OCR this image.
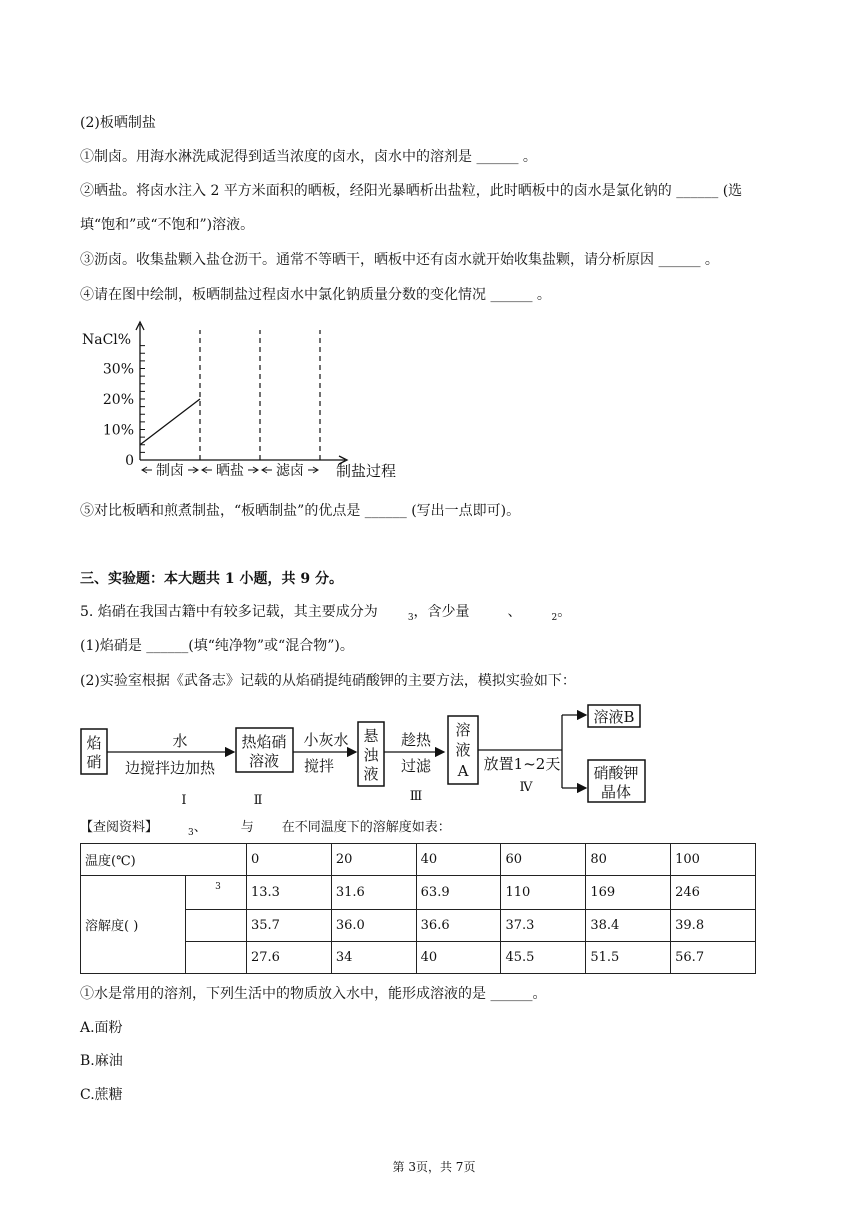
(2)板晒制盐
①制卤。用海水淋洗咸泥得到适当浓度的卤水，卤水中的溶剂是 ______ 。
②晒盐。将卤水注入 2 平方米面积的晒板，经阳光暴晒析出盐粒，此时晒板中的卤水是氯化钠的 ______ (选
填“饱和”或“不饱和”)溶液。
③沥卤。收集盐颗入盐仓沥干。通常不等晒干，晒板中还有卤水就开始收集盐颗，请分析原因 ______ 。
④请在图中绘制，板晒制盐过程卤水中氯化钠质量分数的变化情况 ______ 。
30%
20%
10%
0
NaCl%
制卤 晒盐 滤卤 制盐过程
⑤对比板晒和煎煮制盐，“板晒制盐”的优点是 ______ (写出一点即可)。
三、实验题：本大题共 1 小题，共 9 分。
5. 焰硝在我国古籍中有较多记载，其主要成分为	$_3$，含少量	、	$_2$。
(1)焰硝是 ______(填“纯净物”或“混合物”)。
(2)实验室根据《武备志》记载的从焰硝提纯硝酸钾的主要方法，模拟实验如下：
焰
硝
水
边搅拌边加热
Ⅰ
热焰硝
溶液
小灰水
搅拌
Ⅱ
悬
浊
液
趁热
过滤
Ⅲ
溶
液
A 放置1~2天
Ⅳ
溶液B
硝酸钾
晶体
【查阅资料】	$_3$、	与 在不同温度下的溶解度如表：
温度(℃)		0	20	40	60	80	100
溶解度( )	3	13.3	31.6	63.9	110	169	246
		35.7	36.0	36.6	37.3	38.4	39.8
		27.6	34	40	45.5	51.5	56.7
①水是常用的溶剂，下列生活中的物质放入水中，能形成溶液的是 ______。
A.面粉
B.麻油
C.蔗糖
第 3页，共 7页
